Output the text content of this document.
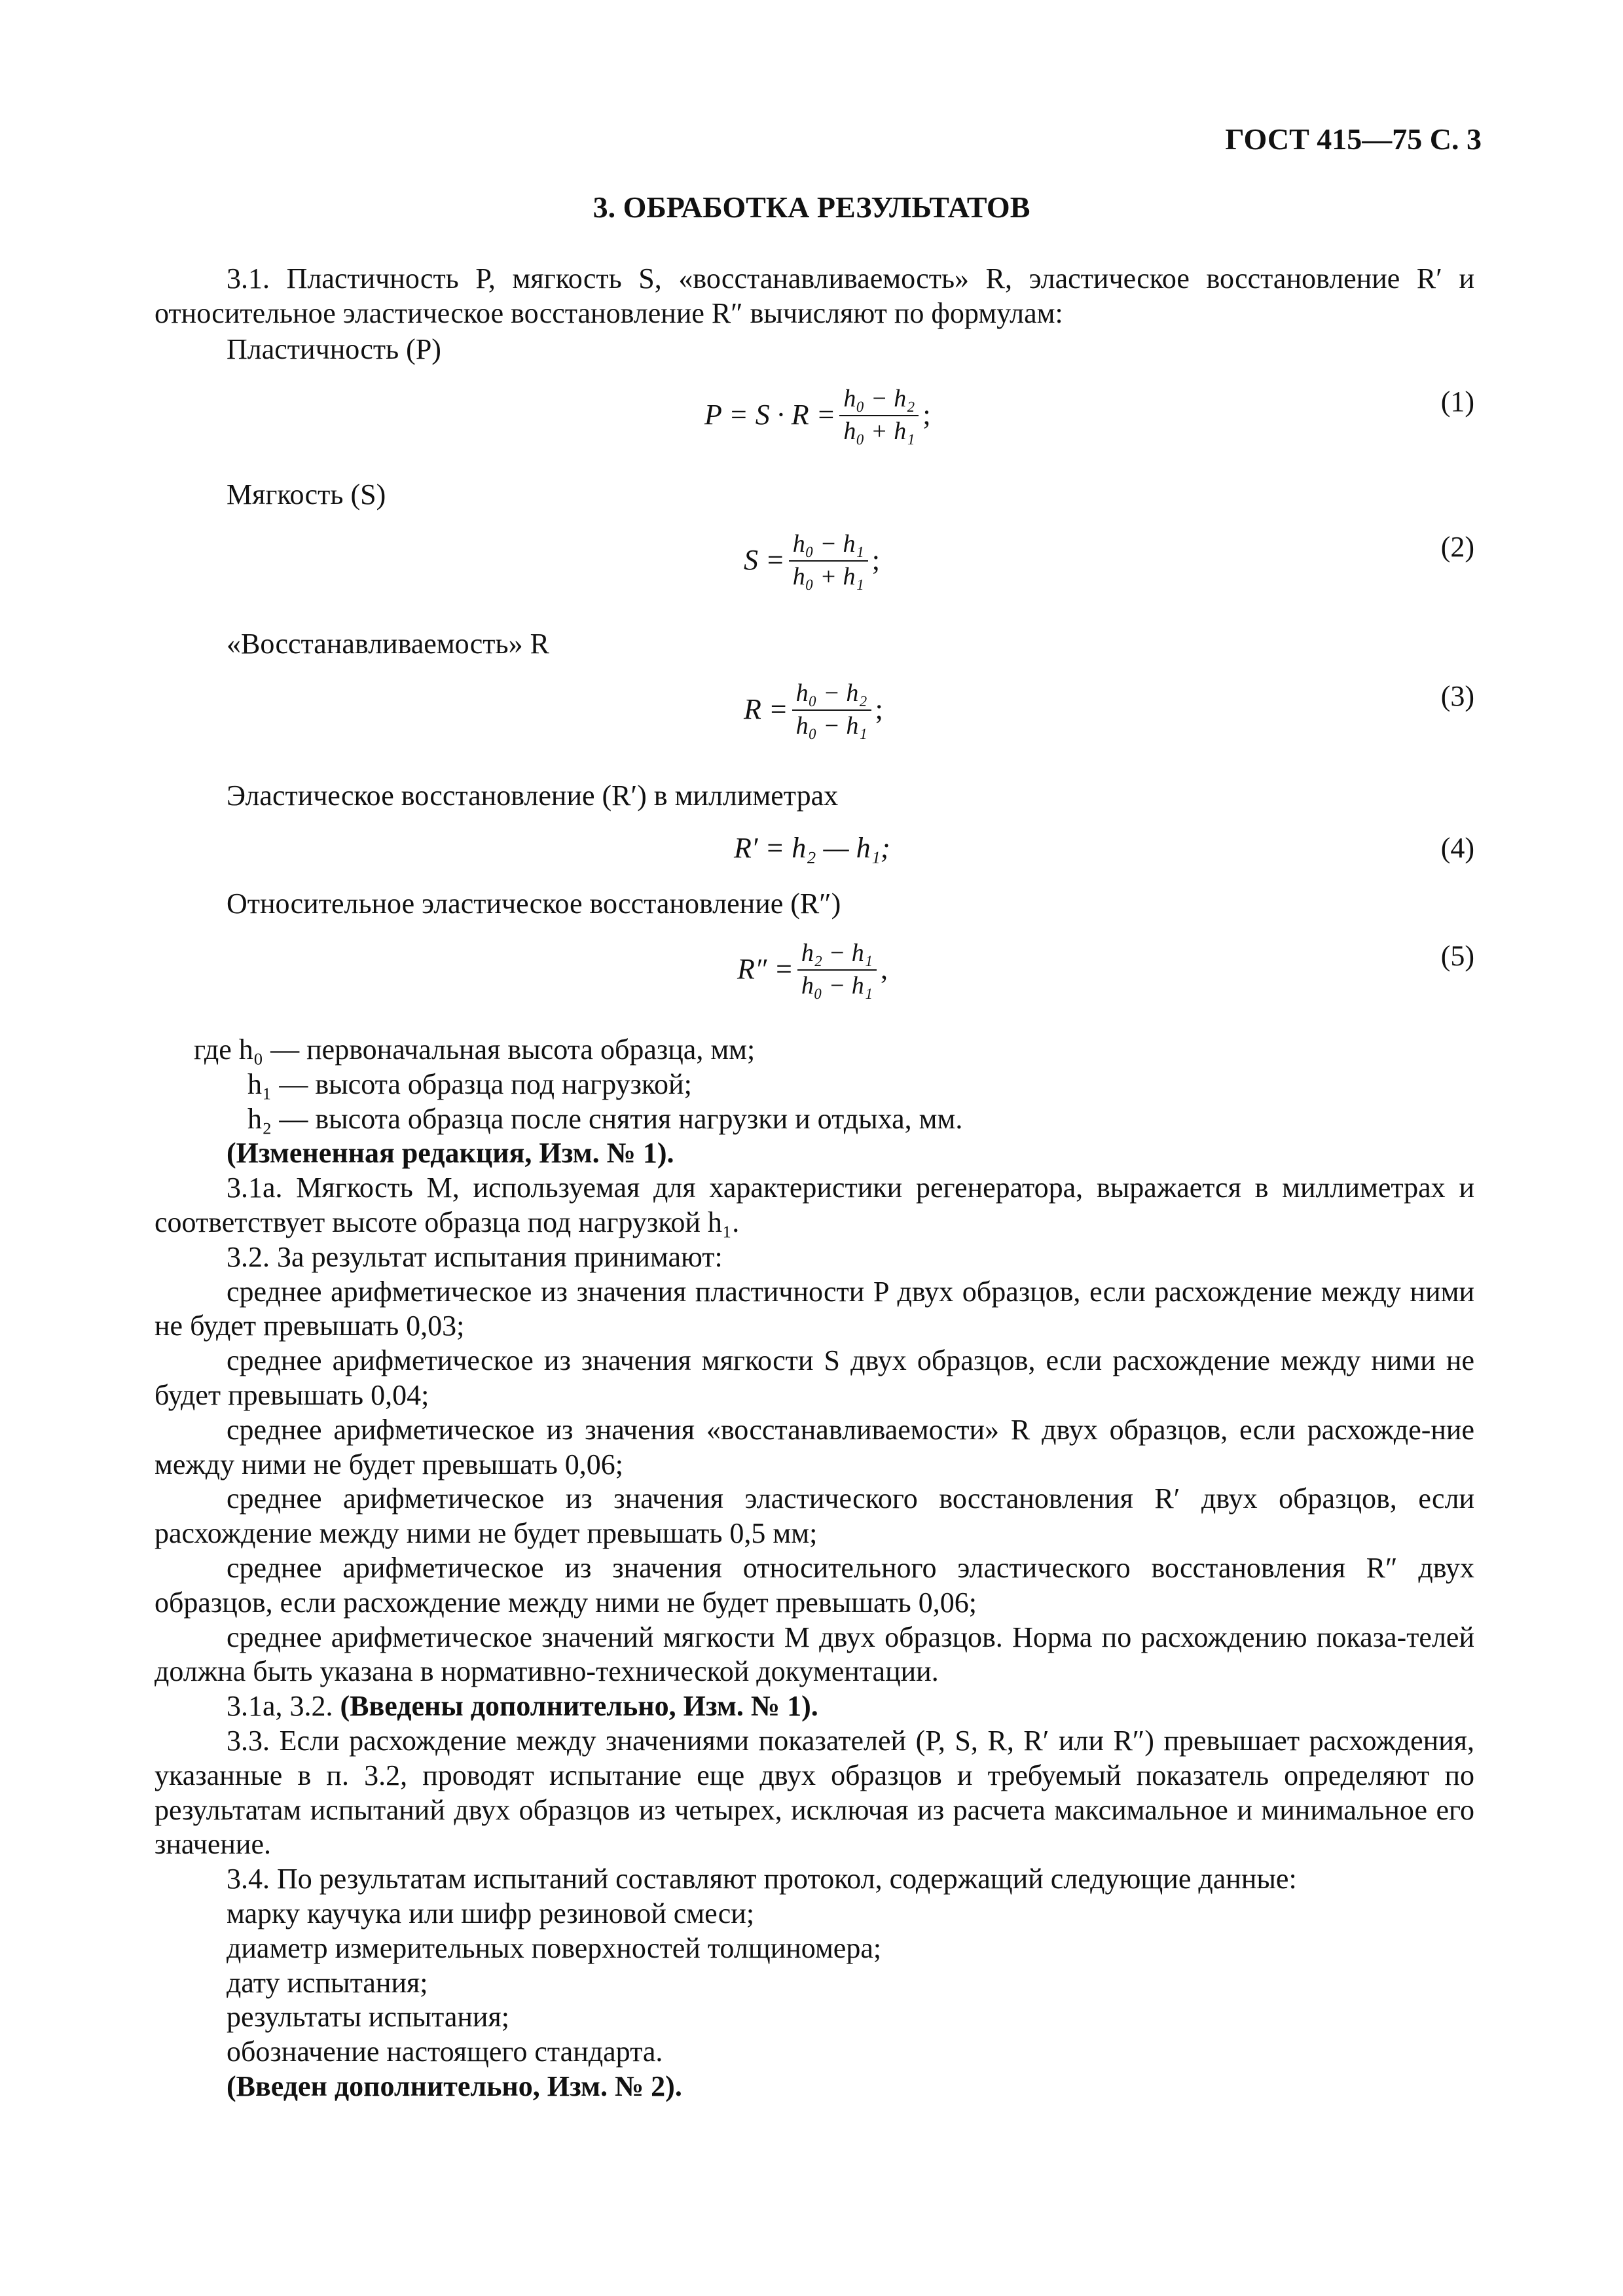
ГОСТ 415—75 С. 3
3. ОБРАБОТКА РЕЗУЛЬТАТОВ

3.1. Пластичность P, мягкость S, «восстанавливаемость» R, эластическое восстановление R′ и относительное эластическое восстановление R″ вычисляют по формулам:

Пластичность (P)
$P = S \cdot R = \frac{\text{h₀ − h₂}}{\text{h₀ + h₁}}$ ;	(1)
Мягкость (S)
$S = \frac{\text{h₀ − h₁}}{\text{h₀ + h₁}}$ ;	(2)
«Восстанавливаемость» R
$R = \frac{\text{h₀ − h₂}}{\text{h₀ − h₁}}$ ;	(3)
Эластическое восстановление (R′) в миллиметрах
R′ = h₂ — h₁;	(4)
Относительное эластическое восстановление (R″)
$R'' = \frac{\text{h₂ − h₁}}{\text{h₀ − h₁}}$ ,	(5)

где h₀ — первоначальная высота образца, мм;

h₁ — высота образца под нагрузкой;

h₂ — высота образца после снятия нагрузки и отдыха, мм.

(Измененная редакция, Изм. № 1).

3.1а. Мягкость М, используемая для характеристики регенератора, выражается в миллиметрах и соответствует высоте образца под нагрузкой h₁.

3.2. За результат испытания принимают:

среднее арифметическое из значения пластичности P двух образцов, если расхождение между ними не будет превышать 0,03;

среднее арифметическое из значения мягкости S двух образцов, если расхождение между ними не будет превышать 0,04;

среднее арифметическое из значения «восстанавливаемости» R двух образцов, если расхожде-ние между ними не будет превышать 0,06;

среднее арифметическое из значения эластического восстановления R′ двух образцов, если расхождение между ними не будет превышать 0,5 мм;

среднее арифметическое из значения относительного эластического восстановления R″ двух образцов, если расхождение между ними не будет превышать 0,06;

среднее арифметическое значений мягкости М двух образцов. Норма по расхождению показа-телей должна быть указана в нормативно-технической документации.

3.1а, 3.2. (Введены дополнительно, Изм. № 1).

3.3. Если расхождение между значениями показателей (P, S, R, R′ или R″) превышает расхождения, указанные в п. 3.2, проводят испытание еще двух образцов и требуемый показатель определяют по результатам испытаний двух образцов из четырех, исключая из расчета максимальное и минимальное его значение.

3.4. По результатам испытаний составляют протокол, содержащий следующие данные:

марку каучука или шифр резиновой смеси;

диаметр измерительных поверхностей толщиномера;

дату испытания;

результаты испытания;

обозначение настоящего стандарта.

(Введен дополнительно, Изм. № 2).
